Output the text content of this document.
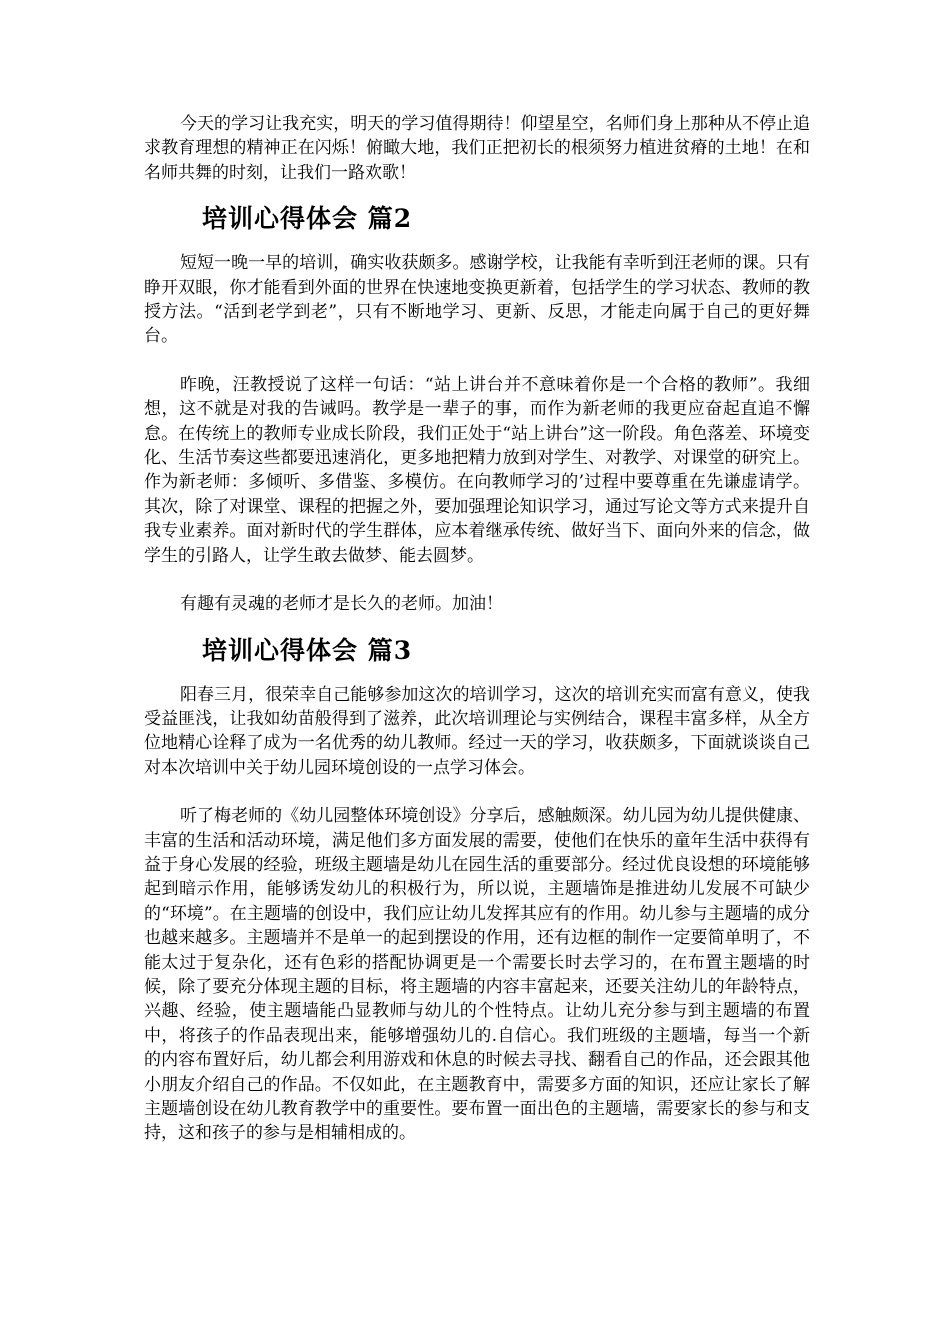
今天的学习让我充实，明天的学习值得期待！仰望星空，名师们身上那种从不停止追求教育理想的精神正在闪烁！俯瞰大地，我们正把初长的根须努力植进贫瘠的土地！在和名师共舞的时刻，让我们一路欢歌！

培训心得体会 篇2

短短一晚一早的培训，确实收获颇多。感谢学校，让我能有幸听到汪老师的课。只有睁开双眼，你才能看到外面的世界在快速地变换更新着，包括学生的学习状态、教师的教授方法。“活到老学到老”，只有不断地学习、更新、反思，才能走向属于自己的更好舞台。

昨晚，汪教授说了这样一句话：“站上讲台并不意味着你是一个合格的教师”。我细想，这不就是对我的告诫吗。教学是一辈子的事，而作为新老师的我更应奋起直追不懈怠。在传统上的教师专业成长阶段，我们正处于“站上讲台”这一阶段。角色落差、环境变化、生活节奏这些都要迅速消化，更多地把精力放到对学生、对教学、对课堂的研究上。作为新老师：多倾听、多借鉴、多模仿。在向教师学习的’过程中要尊重在先谦虚请学。其次，除了对课堂、课程的把握之外，要加强理论知识学习，通过写论文等方式来提升自我专业素养。面对新时代的学生群体，应本着继承传统、做好当下、面向外来的信念，做学生的引路人，让学生敢去做梦、能去圆梦。

有趣有灵魂的老师才是长久的老师。加油！

培训心得体会 篇3

阳春三月，很荣幸自己能够参加这次的培训学习，这次的培训充实而富有意义，使我受益匪浅，让我如幼苗般得到了滋养，此次培训理论与实例结合，课程丰富多样，从全方位地精心诠释了成为一名优秀的幼儿教师。经过一天的学习，收获颇多，下面就谈谈自己对本次培训中关于幼儿园环境创设的一点学习体会。

听了梅老师的《幼儿园整体环境创设》分享后，感触颇深。幼儿园为幼儿提供健康、丰富的生活和活动环境，满足他们多方面发展的需要，使他们在快乐的童年生活中获得有益于身心发展的经验，班级主题墙是幼儿在园生活的重要部分。经过优良设想的环境能够起到暗示作用，能够诱发幼儿的积极行为，所以说，主题墙饰是推进幼儿发展不可缺少的“环境”。在主题墙的创设中，我们应让幼儿发挥其应有的作用。幼儿参与主题墙的成分也越来越多。主题墙并不是单一的起到摆设的作用，还有边框的制作一定要简单明了，不能太过于复杂化，还有色彩的搭配协调更是一个需要长时去学习的，在布置主题墙的时候，除了要充分体现主题的目标，将主题墙的内容丰富起来，还要关注幼儿的年龄特点，兴趣、经验，使主题墙能凸显教师与幼儿的个性特点。让幼儿充分参与到主题墙的布置中，将孩子的作品表现出来，能够增强幼儿的.自信心。我们班级的主题墙，每当一个新的内容布置好后，幼儿都会利用游戏和休息的时候去寻找、翻看自己的作品，还会跟其他小朋友介绍自己的作品。不仅如此，在主题教育中，需要多方面的知识，还应让家长了解主题墙创设在幼儿教育教学中的重要性。要布置一面出色的主题墙，需要家长的参与和支持，这和孩子的参与是相辅相成的。
